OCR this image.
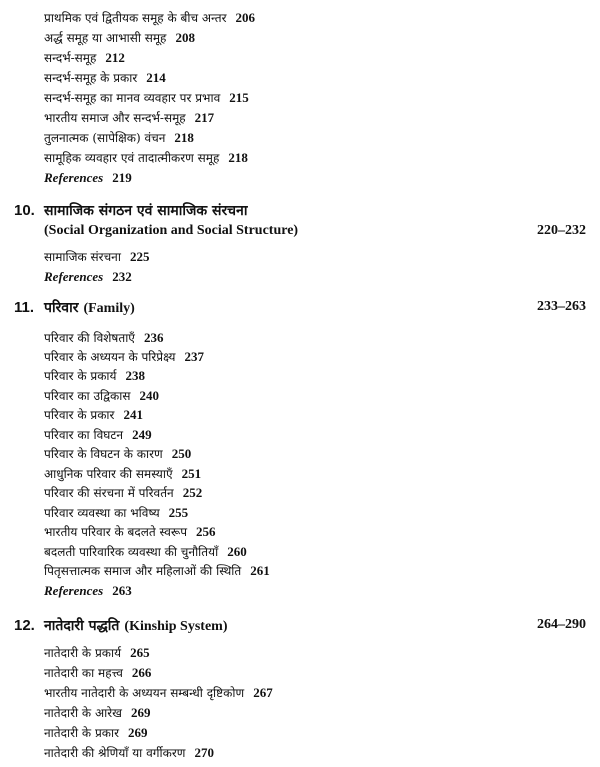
प्राथमिक एवं द्वितीयक समूह के बीच अन्तर 206
अर्द्ध समूह या आभासी समूह 208
सन्दर्भ-समूह 212
सन्दर्भ-समूह के प्रकार 214
सन्दर्भ-समूह का मानव व्यवहार पर प्रभाव 215
भारतीय समाज और सन्दर्भ-समूह 217
तुलनात्मक (सापेक्षिक) वंचन 218
सामूहिक व्यवहार एवं तादात्मीकरण समूह 218
References 219
10. सामाजिक संगठन एवं सामाजिक संरचना
(Social Organization and Social Structure)	220–232
सामाजिक संरचना 225
References 232
11. परिवार (Family)	233–263
परिवार की विशेषताएँ 236
परिवार के अध्ययन के परिप्रेक्ष्य 237
परिवार के प्रकार्य 238
परिवार का उद्विकास 240
परिवार के प्रकार 241
परिवार का विघटन 249
परिवार के विघटन के कारण 250
आधुनिक परिवार की समस्याएँ 251
परिवार की संरचना में परिवर्तन 252
परिवार व्यवस्था का भविष्य 255
भारतीय परिवार के बदलते स्वरूप 256
बदलती पारिवारिक व्यवस्था की चुनौतियाँ 260
पितृसत्तात्मक समाज और महिलाओं की स्थिति 261
References 263
12. नातेदारी पद्धति (Kinship System)	264–290
नातेदारी के प्रकार्य 265
नातेदारी का महत्त्व 266
भारतीय नातेदारी के अध्ययन सम्बन्धी दृष्टिकोण 267
नातेदारी के आरेख 269
नातेदारी के प्रकार 269
नातेदारी की श्रेणियाँ या वर्गीकरण 270
